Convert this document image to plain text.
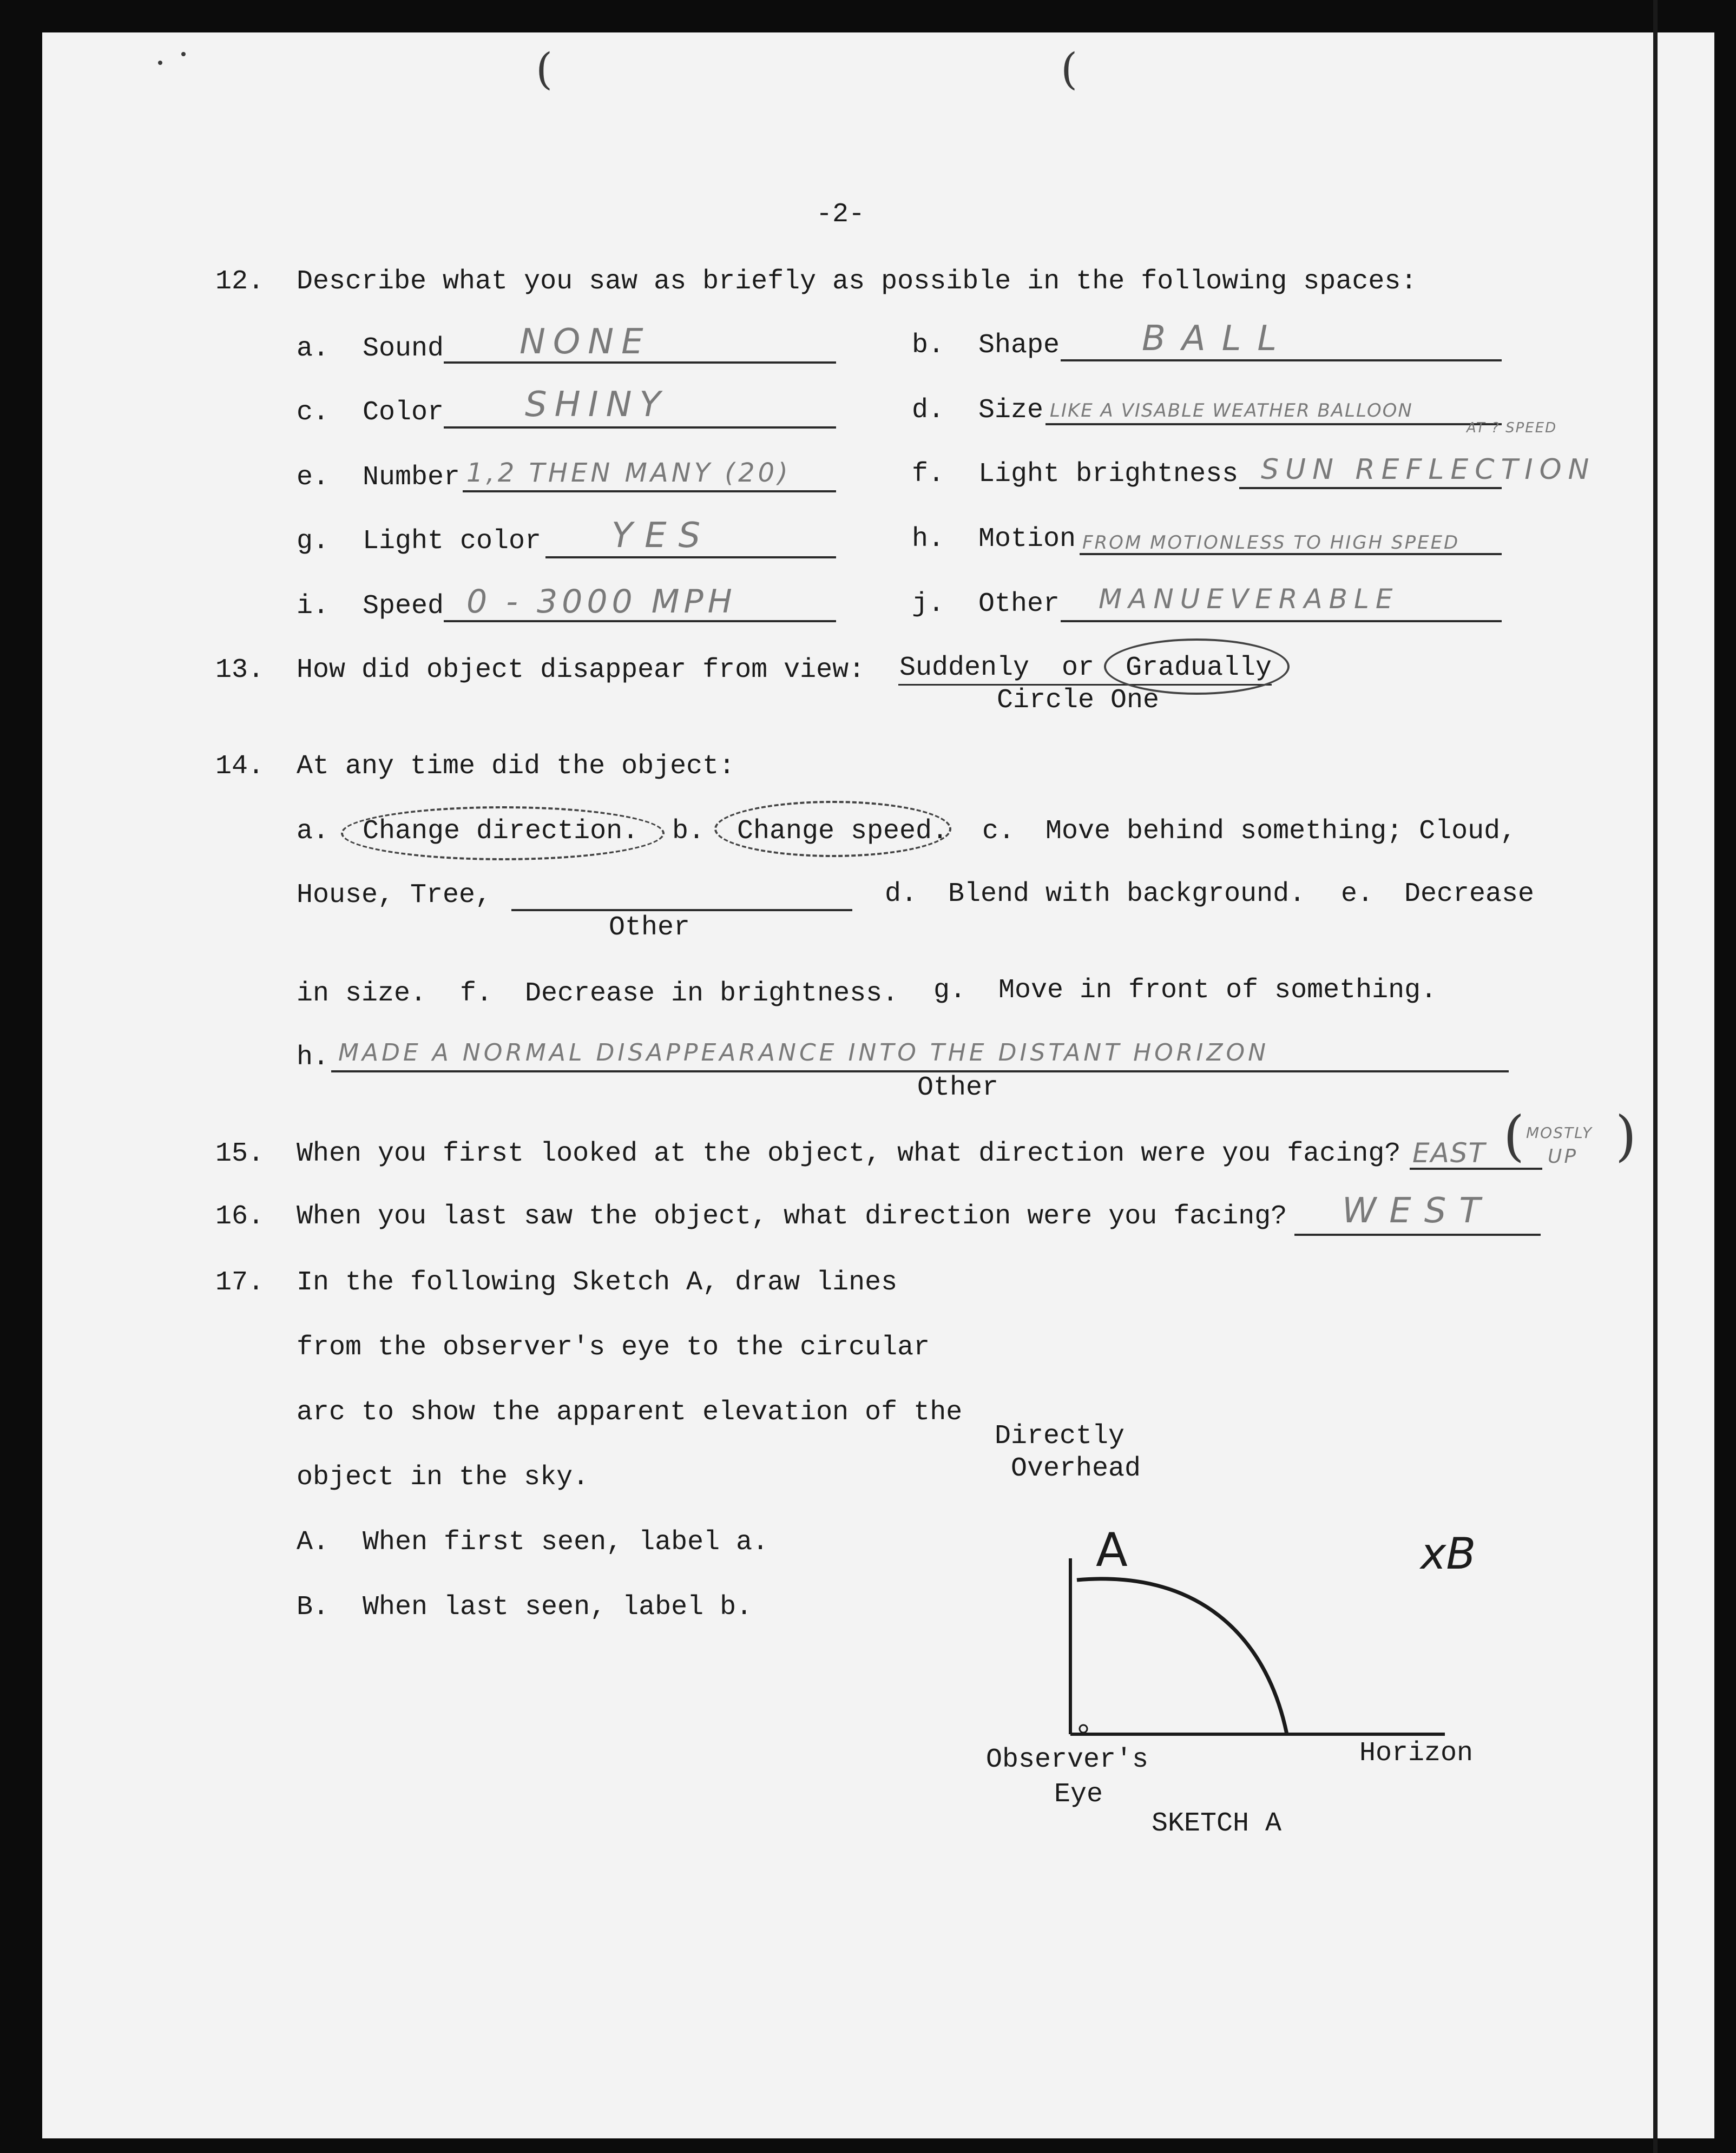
(	(
-2-
12. Describe what you saw as briefly as possible in the following spaces:
a. Sound NONE	b. Shape BALL
c. Color SHINY	d. Size LIKE A VISABLE WEATHER BALLOON
AT ? SPEED
e. Number 1,2 THEN MANY (20)	f. Light brightness SUN REFLECTION
g. Light color YES	h. Motion FROM MOTIONLESS TO HIGH SPEED
i. Speed 0 - 3000 MPH	j. Other MANUEVERABLE
13. How did object disappear from view: Suddenly or Gradually
Circle One
14. At any time did the object:
a. Change direction. b. Change speed. c. Move behind something; Cloud,
House, Tree,
Other
d. Blend with background. e. Decrease
in size. f. Decrease in brightness. g. Move in front of something.
h. MADE A NORMAL DISAPPEARANCE INTO THE DISTANT HORIZON
Other
15. When you first looked at the object, what direction were you facing? EAST ( MOSTLY
UP )
16. When you last saw the object, what direction were you facing? WEST
17. In the following Sketch A, draw lines
from the observer's eye to the circular
arc to show the apparent elevation of the
object in the sky.
A. When first seen, label a.
B. When last seen, label b.
Directly
Overhead
A	xB
Observer's
Eye
Horizon
SKETCH A
